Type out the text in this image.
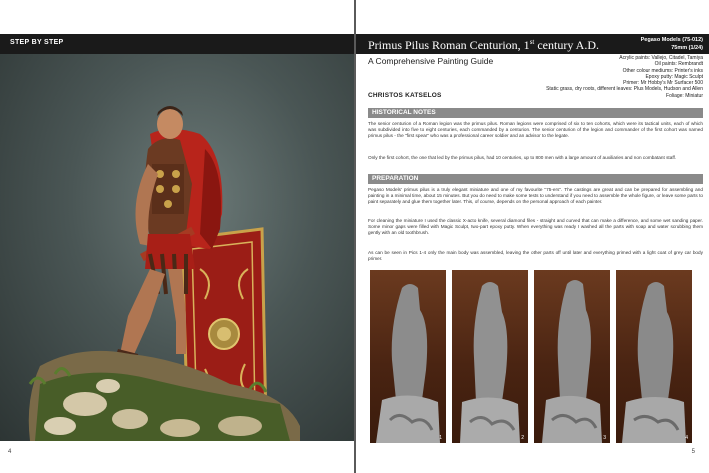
STEP BY STEP
4
Primus Pilus Roman Centurion, 1st century A.D.	Pegaso Models (75-012)
75mm (1/24)
A Comprehensive Painting Guide	Acrylic paints: Vallejo, Citadel, Tamiya
Oil paints: Rembrandt
Other colour mediums: Printer's inks
Epoxy putty: Magic Sculpt
Primer: Mr Hobby's Mr Surfacer 500
Static grass, dry roots, different leaves: Plus Models, Hudson and Allen
Foliage: Miniatur
CHRISTOS KATSELOS
HISTORICAL NOTES
The senior centurion of a Roman legion was the primus pilus. Roman legions were comprised of six to ten cohorts, which were its tactical units, each of which was subdivided into five to eight centuries, each commanded by a centurion. The senior centurion of the legion and commander of the first cohort was named primus pilus - the "first spear" who was a professional career soldier and an advisor to the legate.
Only the first cohort, the one that led by the primus pilus, had 10 centuries, up to 800 men with a large amount of auxiliaries and non combatant staff.
PREPARATION
Pegaso Models' primus pilus is a truly elegant miniature and one of my favourite "75-ers". The castings are great and can be prepared for assembling and painting in a minimal time, about 15 minutes. But you do need to make some tests to understand if you need to assemble the whole figure, or leave some parts to paint separately and glue them together later. This, of course, depends on the personal approach of each painter.
For cleaning the miniature I used the classic X-acto knife, several diamond files - straight and curved that can make a difference, and some wet sanding paper. Some minor gaps were filled with Magic Sculpt, two-part epoxy putty. When everything was ready I washed all the parts with soap and water scrubbing them gently with an old toothbrush.
As can be seen in Pics 1-4 only the main body was assembled, leaving the other parts off until later and everything primed with a light coat of grey car body primer.
1	2	3	4
5
